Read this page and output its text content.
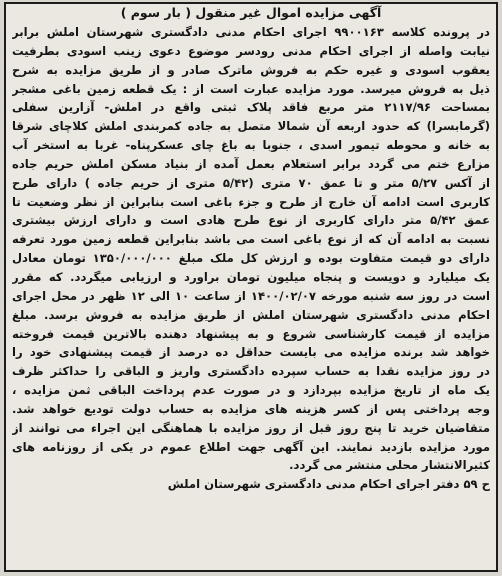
آگهی مزایده اموال غیر منقول ( بار سوم )
در پرونده کلاسه ۹۹۰۰۱۶۳ اجرای احکام مدنی دادگستری شهرستان املش برابر
نیابت واصله از اجرای احکام مدنی رودسر موضوع دعوی زینب اسودی بطرفیت
یعقوب اسودی و غیره حکم به فروش ماترک صادر و از طریق مزایده به شرح
ذیل به فروش میرسد. مورد مزایده عبارت است از : یک قطعه زمین باغی مشجر
بمساحت ۲۱۱۷/۹۶ متر مربع فاقد پلاک ثبتی واقع در املش- آزارین سفلی
(گرمابسرا) که حدود اربعه آن شمالا متصل به جاده کمربندی املش کلاچای شرقا
به خانه و محوطه تیمور اسدی ، جنوبا به باغ چای عسکرپناه- غربا به استخر آب
مزارع ختم می گردد برابر استعلام بعمل آمده از بنیاد مسکن املش حریم جاده
از آکس ۵/۲۷ متر و تا عمق ۷۰ متری (۵/۴۲ متری از حریم جاده ) دارای طرح
کاربری است ادامه آن خارج از طرح و جزء باغی است بنابراین از نظر وضعیت تا
عمق ۵/۴۲ متر دارای کاربری از نوع طرح هادی است و دارای ارزش بیشتری
نسبت به ادامه آن که از نوع باغی است می باشد بنابراین قطعه زمین مورد تعرفه
دارای دو قیمت متفاوت بوده و ارزش کل ملک مبلغ ۱۳۵۰/۰۰۰/۰۰۰ تومان معادل
یک میلیارد و دویست و پنجاه میلیون تومان براورد و ارزیابی میگردد. که مقرر
است در روز سه شنبه مورخه ۱۴۰۰/۰۲/۰۷ از ساعت ۱۰ الی ۱۲ ظهر در محل اجرای
احکام مدنی دادگستری شهرستان املش از طریق مزایده به فروش برسد. مبلغ
مزایده از قیمت کارشناسی شروع و به پیشنهاد دهنده بالاترین قیمت فروخته
خواهد شد برنده مزایده می بایست حداقل ده درصد از قیمت پیشنهادی خود را
در روز مزایده نقدا به حساب سپرده دادگستری واریز و الباقی را حداکثر ظرف
یک ماه از تاریخ مزایده بپردازد و در صورت عدم پرداخت الباقی ثمن مزایده ،
وجه پرداختی پس از کسر هزینه های مزایده به حساب دولت تودیع خواهد شد.
متقاضیان خرید تا پنج روز قبل از روز مزایده با هماهنگی این اجراء می توانند از
مورد مزایده بازدید نمایند. این آگهی جهت اطلاع عموم در یکی از روزنامه های
کثیرالانتشار محلی منتشر می گردد.
ح ۵۹ دفتر اجرای احکام مدنی دادگستری شهرستان املش
